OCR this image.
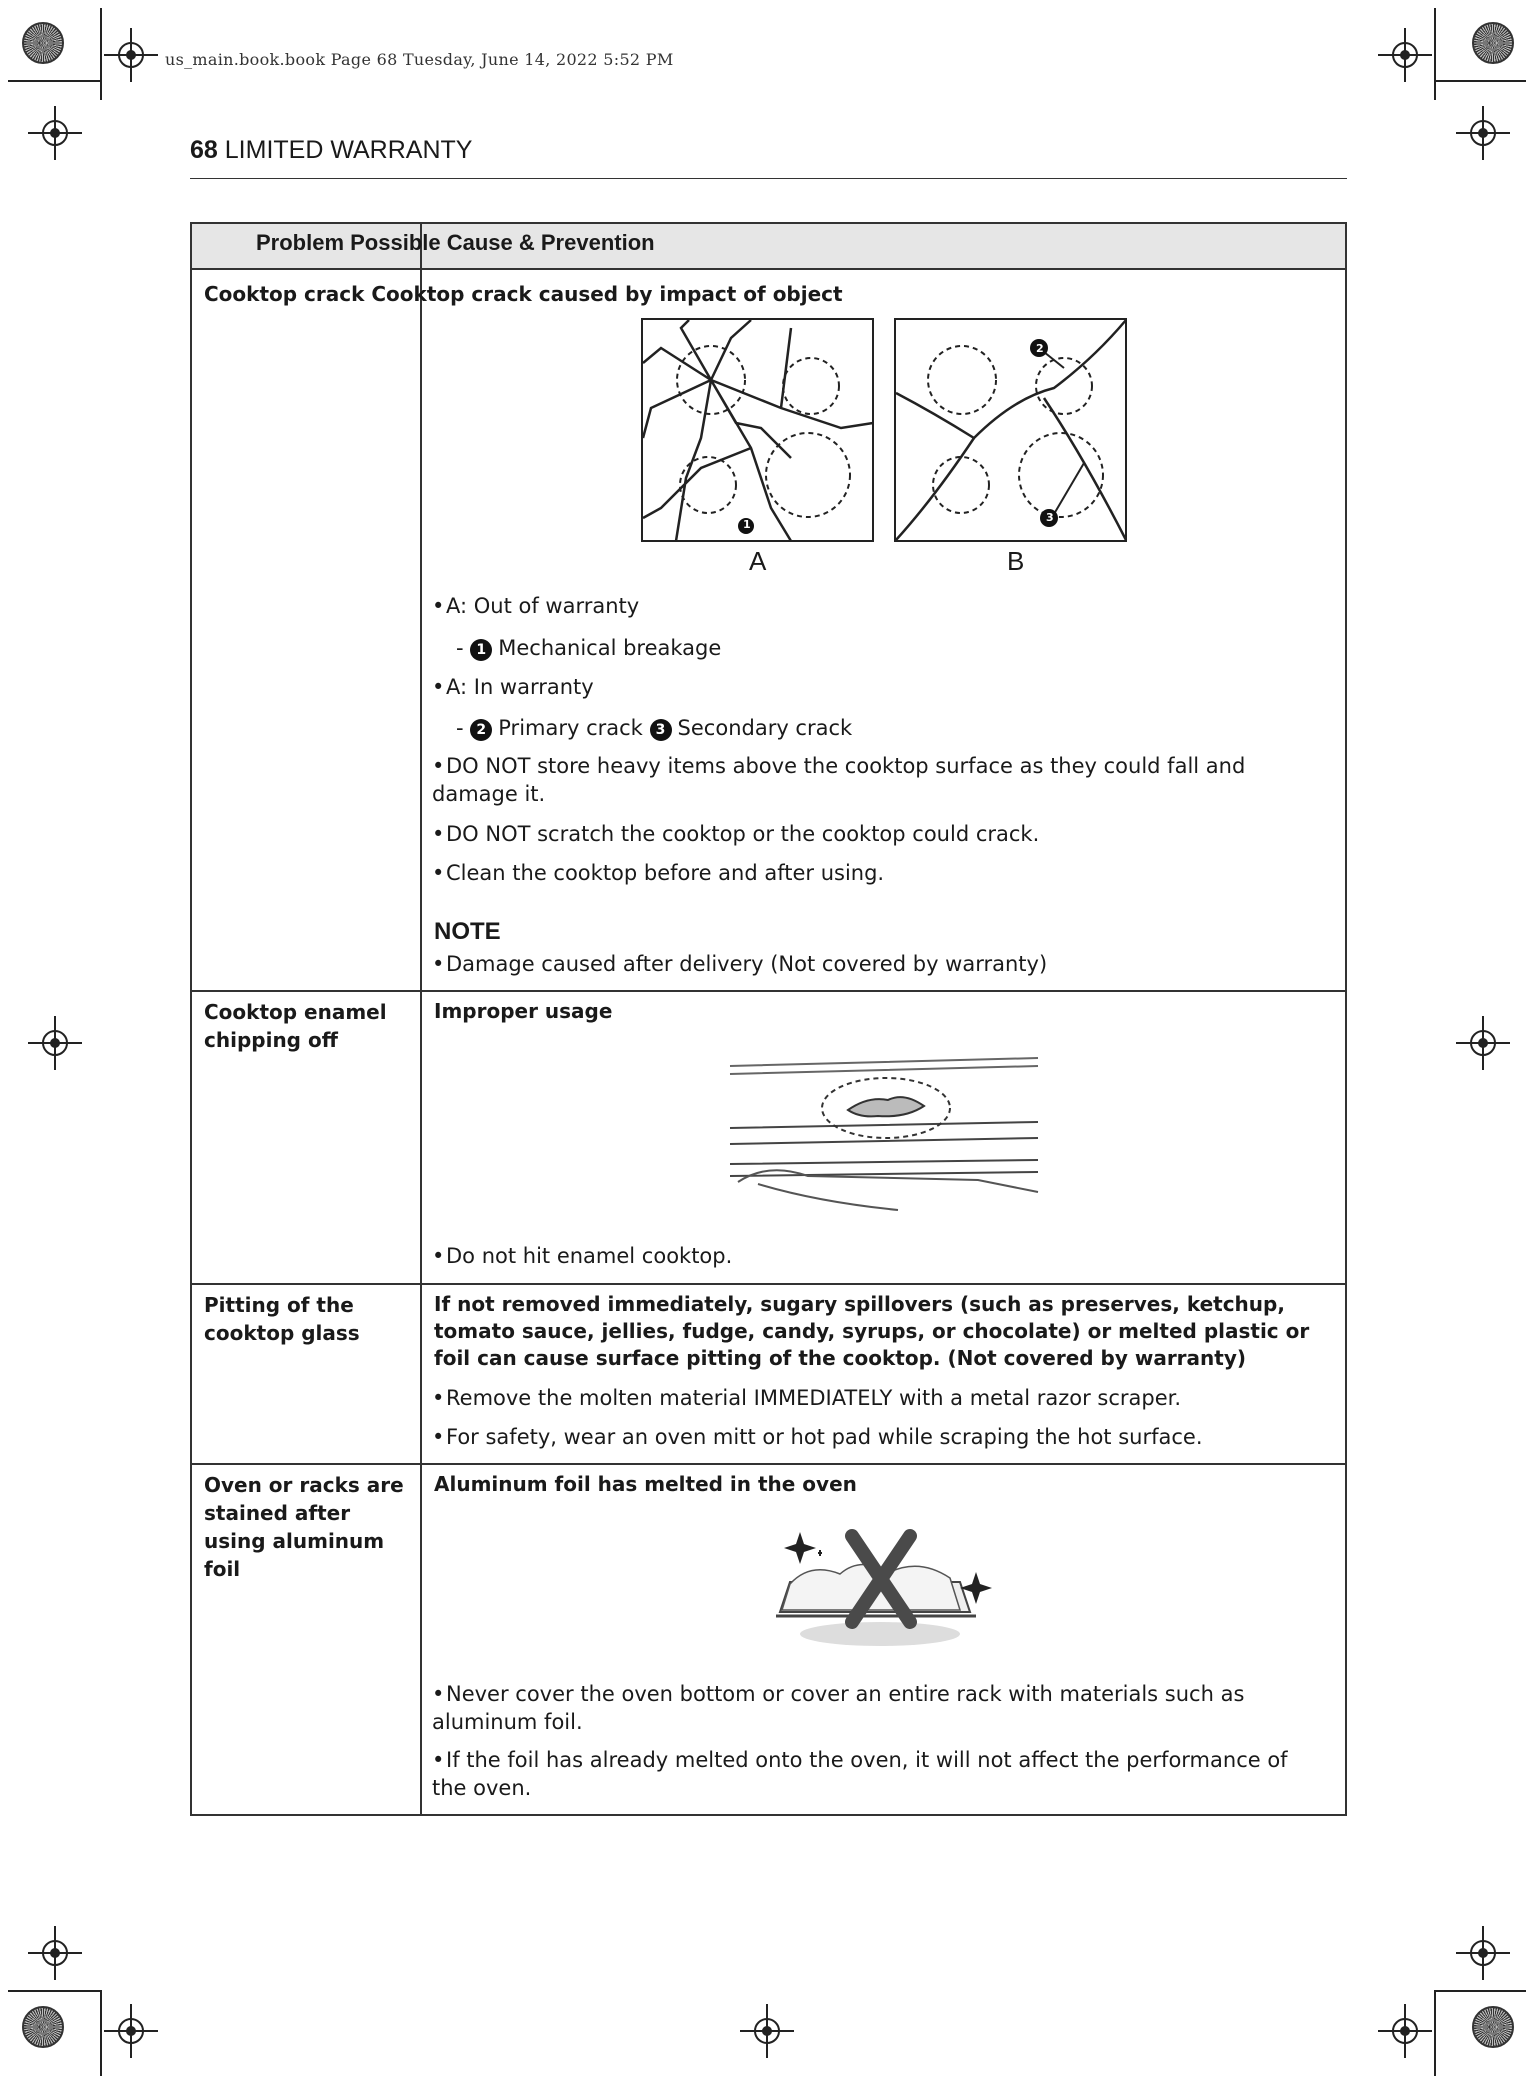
us_main.book.book Page 68 Tuesday, June 14, 2022 5:52 PM
68 LIMITED WARRANTY
Problem Possible Cause & Prevention
Cooktop crack Cooktop crack caused by impact of object
A	B
1
2
3
•A: Out of warranty
- 1 Mechanical breakage
•A: In warranty
- 2 Primary crack 3 Secondary crack
•DO NOT store heavy items above the cooktop surface as they could fall and damage it.
•DO NOT scratch the cooktop or the cooktop could crack.
•Clean the cooktop before and after using.
NOTE
•Damage caused after delivery (Not covered by warranty)
Cooktop enamel chipping off
Improper usage
•Do not hit enamel cooktop.
Pitting of the cooktop glass
If not removed immediately, sugary spillovers (such as preserves, ketchup, tomato sauce, jellies, fudge, candy, syrups, or chocolate) or melted plastic or foil can cause surface pitting of the cooktop. (Not covered by warranty)
•Remove the molten material IMMEDIATELY with a metal razor scraper.
•For safety, wear an oven mitt or hot pad while scraping the hot surface.
Oven or racks are stained after using aluminum foil
Aluminum foil has melted in the oven
•Never cover the oven bottom or cover an entire rack with materials such as aluminum foil.
•If the foil has already melted onto the oven, it will not affect the performance of the oven.
